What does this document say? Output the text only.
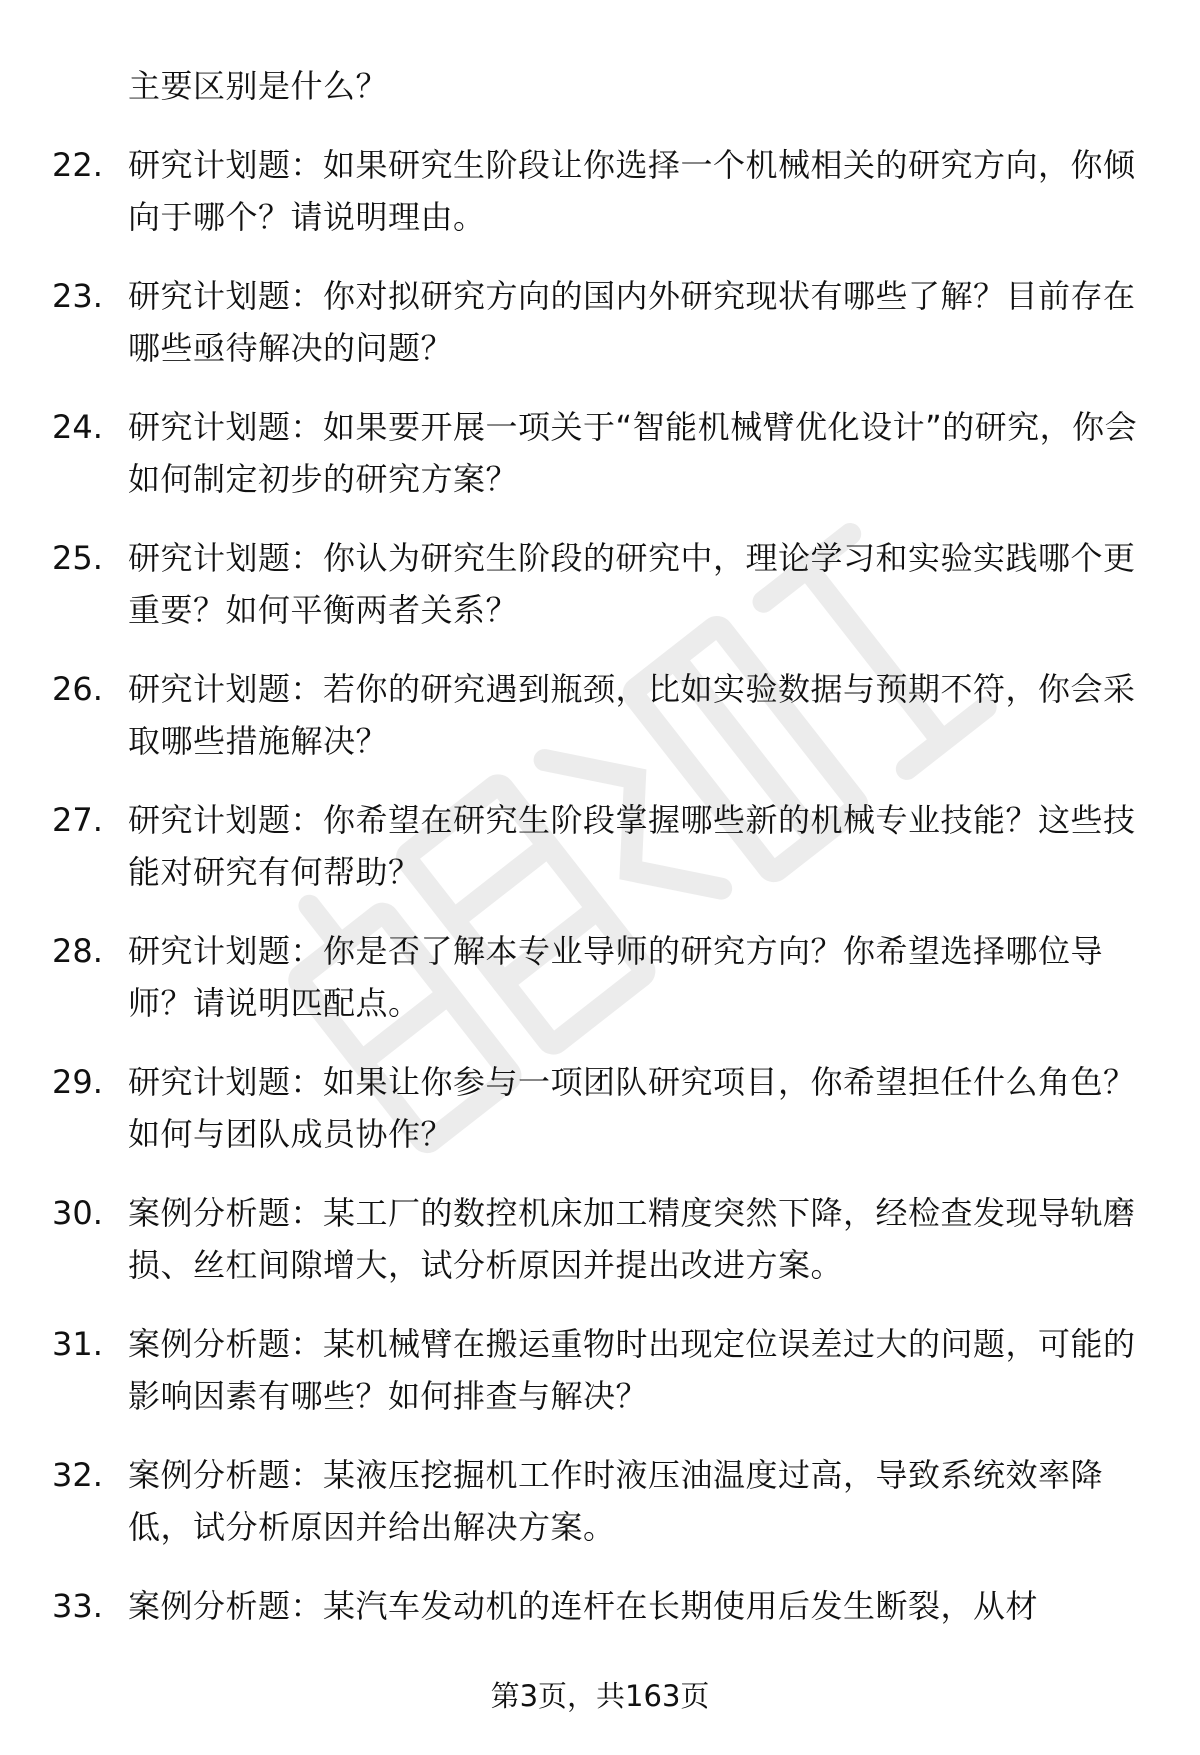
主要区别是什么？
22. 研究计划题：如果研究生阶段让你选择一个机械相关的研究方向，你倾向于哪个？请说明理由。
23. 研究计划题：你对拟研究方向的国内外研究现状有哪些了解？目前存在哪些亟待解决的问题？
24. 研究计划题：如果要开展一项关于“智能机械臂优化设计”的研究，你会如何制定初步的研究方案？
25. 研究计划题：你认为研究生阶段的研究中，理论学习和实验实践哪个更重要？如何平衡两者关系？
26. 研究计划题：若你的研究遇到瓶颈，比如实验数据与预期不符，你会采取哪些措施解决？
27. 研究计划题：你希望在研究生阶段掌握哪些新的机械专业技能？这些技能对研究有何帮助？
28. 研究计划题：你是否了解本专业导师的研究方向？你希望选择哪位导师？请说明匹配点。
29. 研究计划题：如果让你参与一项团队研究项目，你希望担任什么角色？如何与团队成员协作？
30. 案例分析题：某工厂的数控机床加工精度突然下降，经检查发现导轨磨损、丝杠间隙增大，试分析原因并提出改进方案。
31. 案例分析题：某机械臂在搬运重物时出现定位误差过大的问题，可能的影响因素有哪些？如何排查与解决？
32. 案例分析题：某液压挖掘机工作时液压油温度过高，导致系统效率降低，试分析原因并给出解决方案。
33. 案例分析题：某汽车发动机的连杆在长期使用后发生断裂，从材
第3页，共163页
